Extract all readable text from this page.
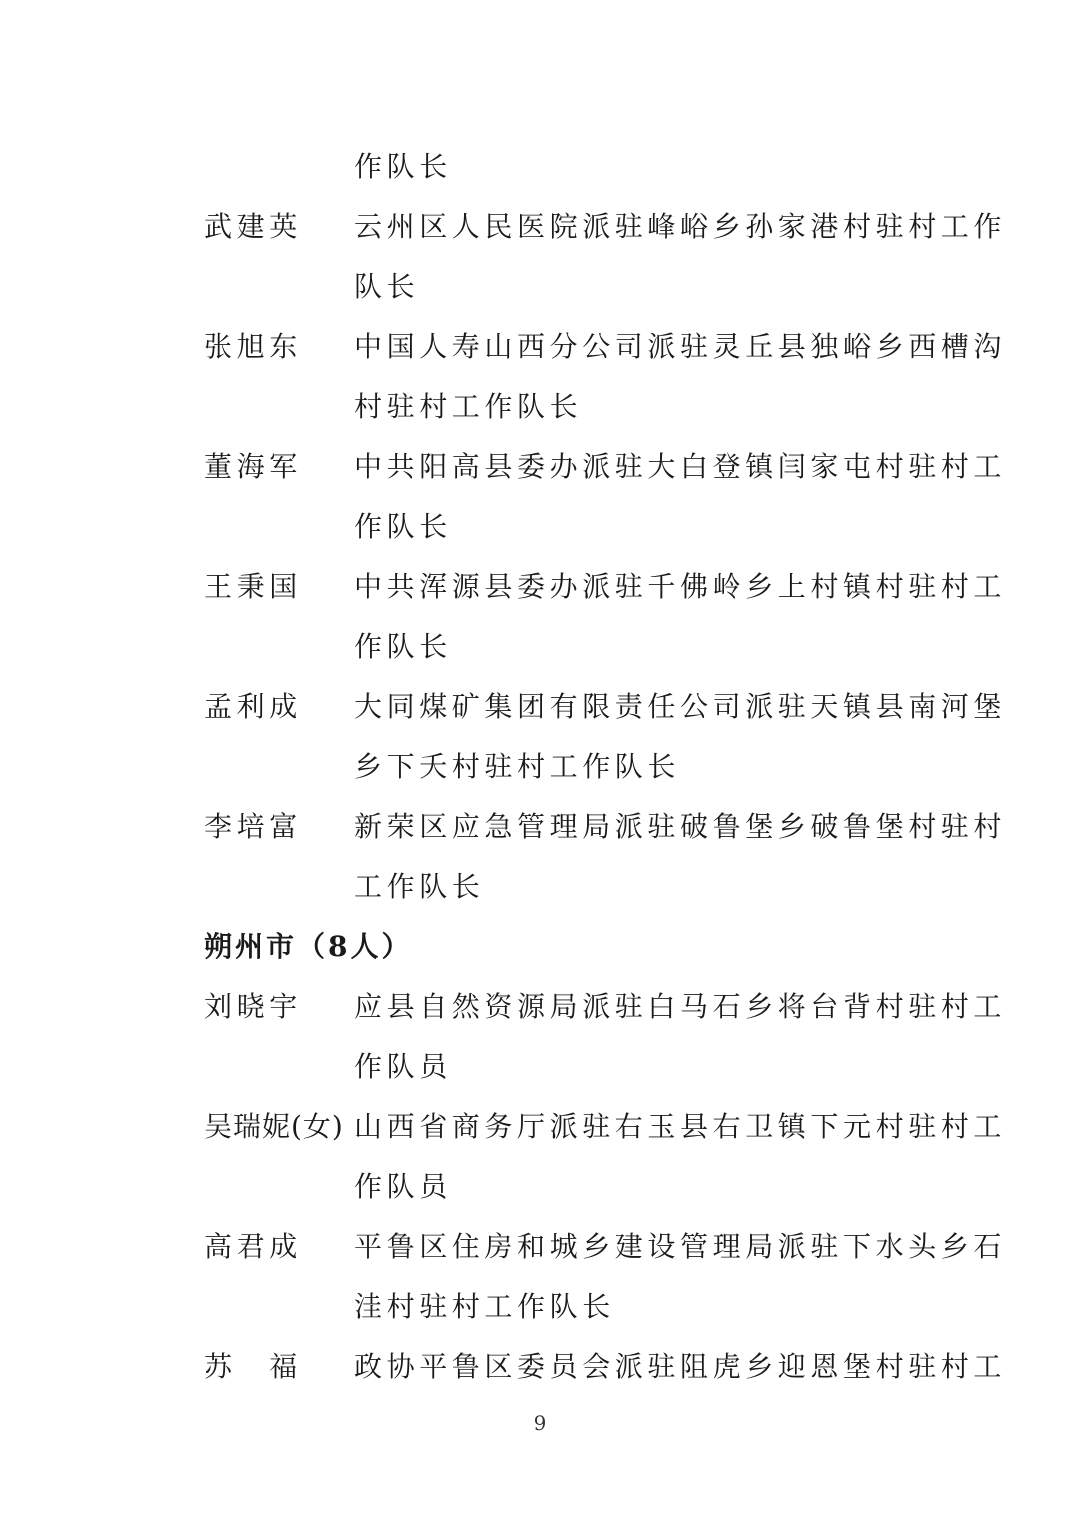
作队长
武建英 云州区人民医院派驻峰峪乡孙家港村驻村工作
队长
张旭东 中国人寿山西分公司派驻灵丘县独峪乡西槽沟
村驻村工作队长
董海军 中共阳高县委办派驻大白登镇闫家屯村驻村工
作队长
王秉国 中共浑源县委办派驻千佛岭乡上村镇村驻村工
作队长
孟利成 大同煤矿集团有限责任公司派驻天镇县南河堡
乡下夭村驻村工作队长
李培富 新荣区应急管理局派驻破鲁堡乡破鲁堡村驻村
工作队长
朔州市（8人）
刘晓宇 应县自然资源局派驻白马石乡将台背村驻村工
作队员
吴瑞妮(女) 山西省商务厅派驻右玉县右卫镇下元村驻村工
作队员
高君成 平鲁区住房和城乡建设管理局派驻下水头乡石
洼村驻村工作队长
苏　福 政协平鲁区委员会派驻阻虎乡迎恩堡村驻村工
9
